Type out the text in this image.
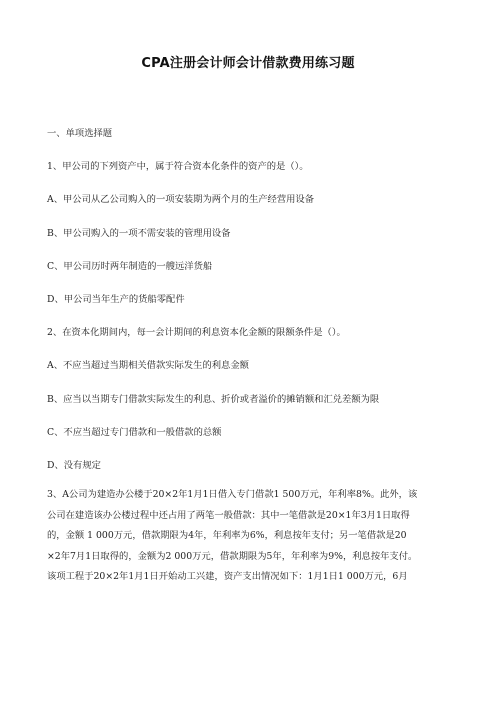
CPA注册会计师会计借款费用练习题
一、单项选择题
1、甲公司的下列资产中，属于符合资本化条件的资产的是（）。
A、甲公司从乙公司购入的一项安装期为两个月的生产经营用设备
B、甲公司购入的一项不需安装的管理用设备
C、甲公司历时两年制造的一艘远洋货船
D、甲公司当年生产的货船零配件
2、在资本化期间内，每一会计期间的利息资本化金额的限额条件是（）。
A、不应当超过当期相关借款实际发生的利息金额
B、应当以当期专门借款实际发生的利息、折价或者溢价的摊销额和汇兑差额为限
C、不应当超过专门借款和一般借款的总额
D、没有规定
3、A公司为建造办公楼于20×2年1月1日借入专门借款1 500万元，年利率8%。此外，该
公司在建造该办公楼过程中还占用了两笔一般借款：其中一笔借款是20×1年3月1日取得
的，金额 1 000万元，借款期限为4年，年利率为6%，利息按年支付；另一笔借款是20
×2年7月1日取得的，金额为2 000万元，借款期限为5年，年利率为9%，利息按年支付。
该项工程于20×2年1月1日开始动工兴建，资产支出情况如下：1月1日1 000万元，6月
